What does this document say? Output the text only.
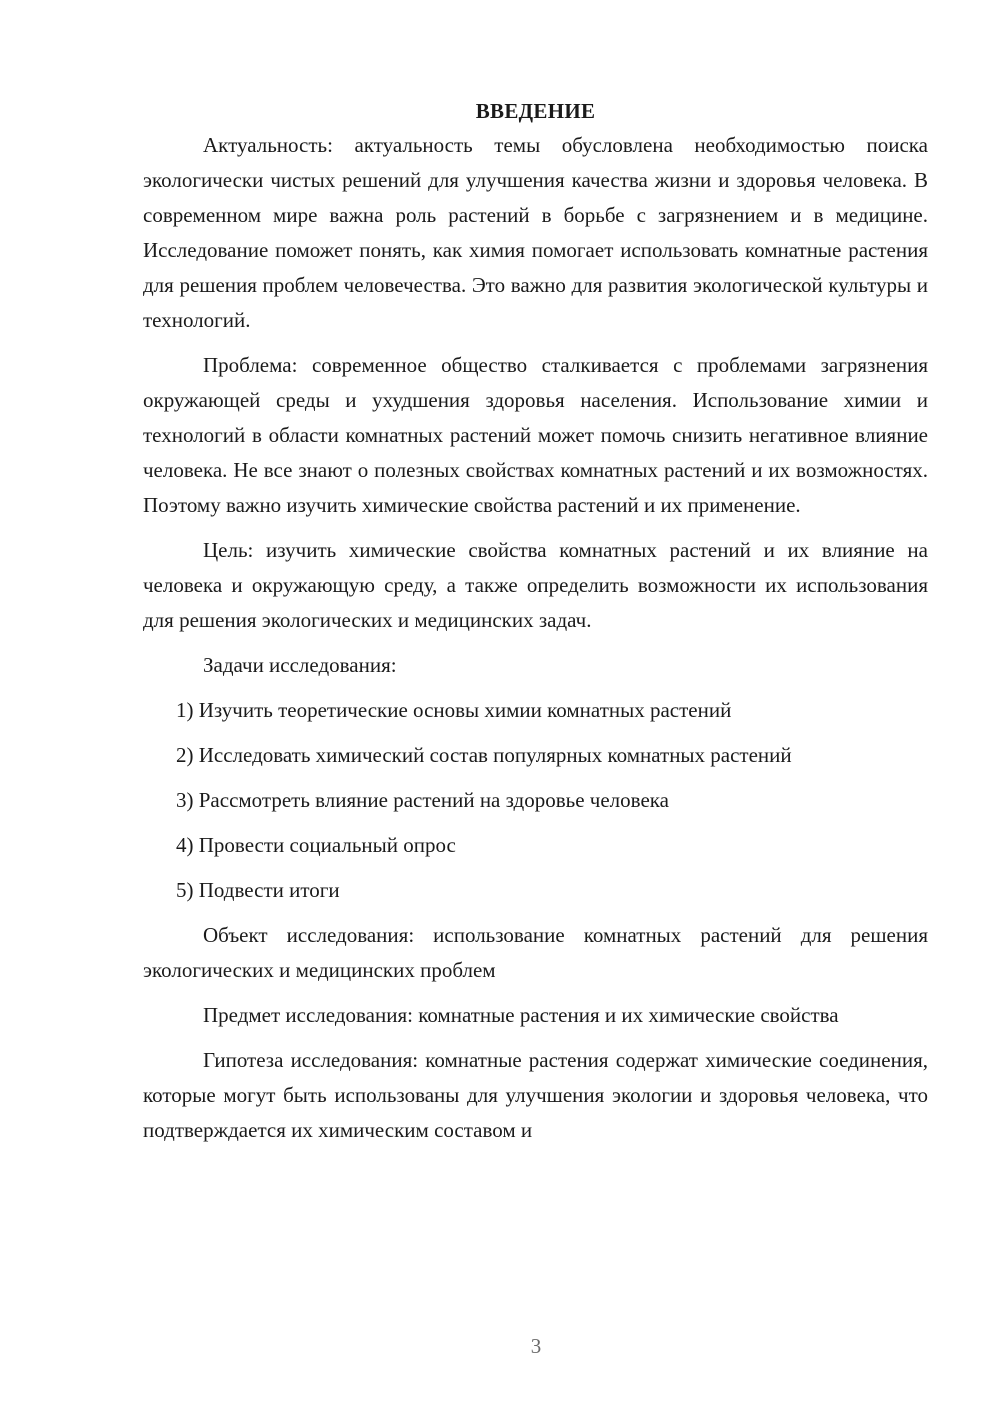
ВВЕДЕНИЕ

Актуальность: актуальность темы обусловлена необходимостью поиска экологически чистых решений для улучшения качества жизни и здоровья человека. В современном мире важна роль растений в борьбе с загрязнением и в медицине. Исследование поможет понять, как химия помогает использовать комнатные растения для решения проблем человечества. Это важно для развития экологической культуры и технологий.

Проблема: современное общество сталкивается с проблемами загрязнения окружающей среды и ухудшения здоровья населения. Использование химии и технологий в области комнатных растений может помочь снизить негативное влияние человека. Не все знают о полезных свойствах комнатных растений и их возможностях. Поэтому важно изучить химические свойства растений и их применение.

Цель: изучить химические свойства комнатных растений и их влияние на человека и окружающую среду, а также определить возможности их использования для решения экологических и медицинских задач.

Задачи исследования:

1) Изучить теоретические основы химии комнатных растений
2) Исследовать химический состав популярных комнатных растений
3) Рассмотреть влияние растений на здоровье человека
4) Провести социальный опрос
5) Подвести итоги

Объект исследования: использование комнатных растений для решения экологических и медицинских проблем

Предмет исследования: комнатные растения и их химические свойства

Гипотеза исследования: комнатные растения содержат химические соединения, которые могут быть использованы для улучшения экологии и здоровья человека, что подтверждается их химическим составом и

3
